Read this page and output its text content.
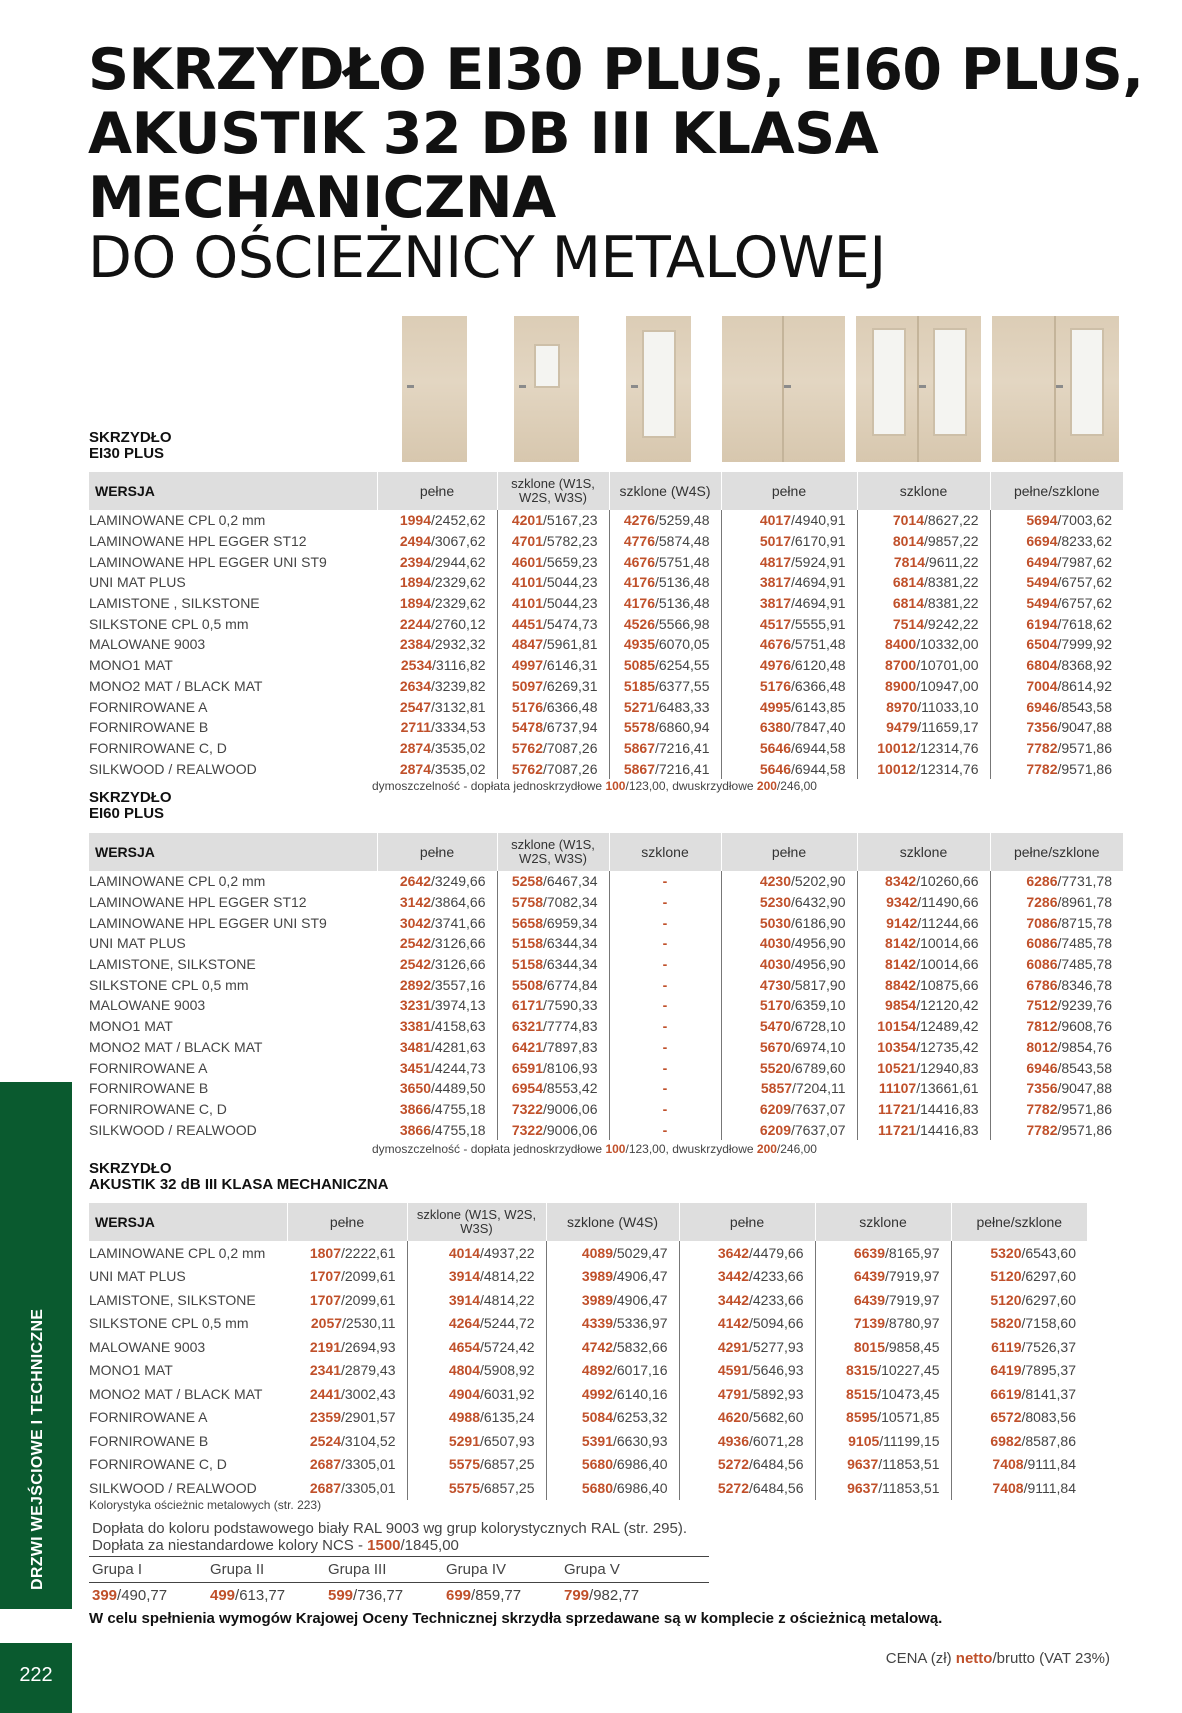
SKRZYDŁO EI30 PLUS, EI60 PLUS, AKUSTIK 32 DB III KLASA MECHANICZNA
DO OŚCIEŻNICY METALOWEJ
SKRZYDŁO
EI30 PLUS
WERSJA	pełne	szklone (W1S, W2S, W3S)	szklone (W4S)	pełne	szklone	pełne/szklone
LAMINOWANE CPL 0,2 mm	1994/2452,62	4201/5167,23	4276/5259,48	4017/4940,91	7014/8627,22	5694/7003,62
LAMINOWANE HPL EGGER ST12	2494/3067,62	4701/5782,23	4776/5874,48	5017/6170,91	8014/9857,22	6694/8233,62
LAMINOWANE HPL EGGER UNI ST9	2394/2944,62	4601/5659,23	4676/5751,48	4817/5924,91	7814/9611,22	6494/7987,62
UNI MAT PLUS	1894/2329,62	4101/5044,23	4176/5136,48	3817/4694,91	6814/8381,22	5494/6757,62
LAMISTONE , SILKSTONE	1894/2329,62	4101/5044,23	4176/5136,48	3817/4694,91	6814/8381,22	5494/6757,62
SILKSTONE CPL 0,5 mm	2244/2760,12	4451/5474,73	4526/5566,98	4517/5555,91	7514/9242,22	6194/7618,62
MALOWANE 9003	2384/2932,32	4847/5961,81	4935/6070,05	4676/5751,48	8400/10332,00	6504/7999,92
MONO1 MAT	2534/3116,82	4997/6146,31	5085/6254,55	4976/6120,48	8700/10701,00	6804/8368,92
MONO2 MAT / BLACK MAT	2634/3239,82	5097/6269,31	5185/6377,55	5176/6366,48	8900/10947,00	7004/8614,92
FORNIROWANE A	2547/3132,81	5176/6366,48	5271/6483,33	4995/6143,85	8970/11033,10	6946/8543,58
FORNIROWANE B	2711/3334,53	5478/6737,94	5578/6860,94	6380/7847,40	9479/11659,17	7356/9047,88
FORNIROWANE C, D	2874/3535,02	5762/7087,26	5867/7216,41	5646/6944,58	10012/12314,76	7782/9571,86
SILKWOOD / REALWOOD	2874/3535,02	5762/7087,26	5867/7216,41	5646/6944,58	10012/12314,76	7782/9571,86
dymoszczelność - dopłata jednoskrzydłowe 100/123,00, dwuskrzydłowe 200/246,00
SKRZYDŁO
EI60 PLUS
WERSJA	pełne	szklone (W1S, W2S, W3S)	szklone	pełne	szklone	pełne/szklone
LAMINOWANE CPL 0,2 mm	2642/3249,66	5258/6467,34	-	4230/5202,90	8342/10260,66	6286/7731,78
LAMINOWANE HPL EGGER ST12	3142/3864,66	5758/7082,34	-	5230/6432,90	9342/11490,66	7286/8961,78
LAMINOWANE HPL EGGER UNI ST9	3042/3741,66	5658/6959,34	-	5030/6186,90	9142/11244,66	7086/8715,78
UNI MAT PLUS	2542/3126,66	5158/6344,34	-	4030/4956,90	8142/10014,66	6086/7485,78
LAMISTONE, SILKSTONE	2542/3126,66	5158/6344,34	-	4030/4956,90	8142/10014,66	6086/7485,78
SILKSTONE CPL 0,5 mm	2892/3557,16	5508/6774,84	-	4730/5817,90	8842/10875,66	6786/8346,78
MALOWANE 9003	3231/3974,13	6171/7590,33	-	5170/6359,10	9854/12120,42	7512/9239,76
MONO1 MAT	3381/4158,63	6321/7774,83	-	5470/6728,10	10154/12489,42	7812/9608,76
MONO2 MAT / BLACK MAT	3481/4281,63	6421/7897,83	-	5670/6974,10	10354/12735,42	8012/9854,76
FORNIROWANE A	3451/4244,73	6591/8106,93	-	5520/6789,60	10521/12940,83	6946/8543,58
FORNIROWANE B	3650/4489,50	6954/8553,42	-	5857/7204,11	11107/13661,61	7356/9047,88
FORNIROWANE C, D	3866/4755,18	7322/9006,06	-	6209/7637,07	11721/14416,83	7782/9571,86
SILKWOOD / REALWOOD	3866/4755,18	7322/9006,06	-	6209/7637,07	11721/14416,83	7782/9571,86
dymoszczelność - dopłata jednoskrzydłowe 100/123,00, dwuskrzydłowe 200/246,00
SKRZYDŁO
AKUSTIK 32 dB III KLASA MECHANICZNA
WERSJA	pełne	szklone (W1S, W2S, W3S)	szklone (W4S)	pełne	szklone	pełne/szklone
LAMINOWANE CPL 0,2 mm	1807/2222,61	4014/4937,22	4089/5029,47	3642/4479,66	6639/8165,97	5320/6543,60
UNI MAT PLUS	1707/2099,61	3914/4814,22	3989/4906,47	3442/4233,66	6439/7919,97	5120/6297,60
LAMISTONE, SILKSTONE	1707/2099,61	3914/4814,22	3989/4906,47	3442/4233,66	6439/7919,97	5120/6297,60
SILKSTONE CPL 0,5 mm	2057/2530,11	4264/5244,72	4339/5336,97	4142/5094,66	7139/8780,97	5820/7158,60
MALOWANE 9003	2191/2694,93	4654/5724,42	4742/5832,66	4291/5277,93	8015/9858,45	6119/7526,37
MONO1 MAT	2341/2879,43	4804/5908,92	4892/6017,16	4591/5646,93	8315/10227,45	6419/7895,37
MONO2 MAT / BLACK MAT	2441/3002,43	4904/6031,92	4992/6140,16	4791/5892,93	8515/10473,45	6619/8141,37
FORNIROWANE A	2359/2901,57	4988/6135,24	5084/6253,32	4620/5682,60	8595/10571,85	6572/8083,56
FORNIROWANE B	2524/3104,52	5291/6507,93	5391/6630,93	4936/6071,28	9105/11199,15	6982/8587,86
FORNIROWANE C, D	2687/3305,01	5575/6857,25	5680/6986,40	5272/6484,56	9637/11853,51	7408/9111,84
SILKWOOD / REALWOOD	2687/3305,01	5575/6857,25	5680/6986,40	5272/6484,56	9637/11853,51	7408/9111,84
Kolorystyka ościeżnic metalowych (str. 223)
Dopłata do koloru podstawowego biały RAL 9003 wg grup kolorystycznych RAL (str. 295).
Dopłata za niestandardowe kolory NCS - 1500/1845,00
Grupa I	Grupa II	Grupa III	Grupa IV	Grupa V
399/490,77	499/613,77	599/736,77	699/859,77	799/982,77
W celu spełnienia wymogów Krajowej Oceny Technicznej skrzydła sprzedawane są w komplecie z ościeżnicą metalową.
DRZWI WEJŚCIOWE I TECHNICZNE
222
CENA (zł) netto/brutto (VAT 23%)
